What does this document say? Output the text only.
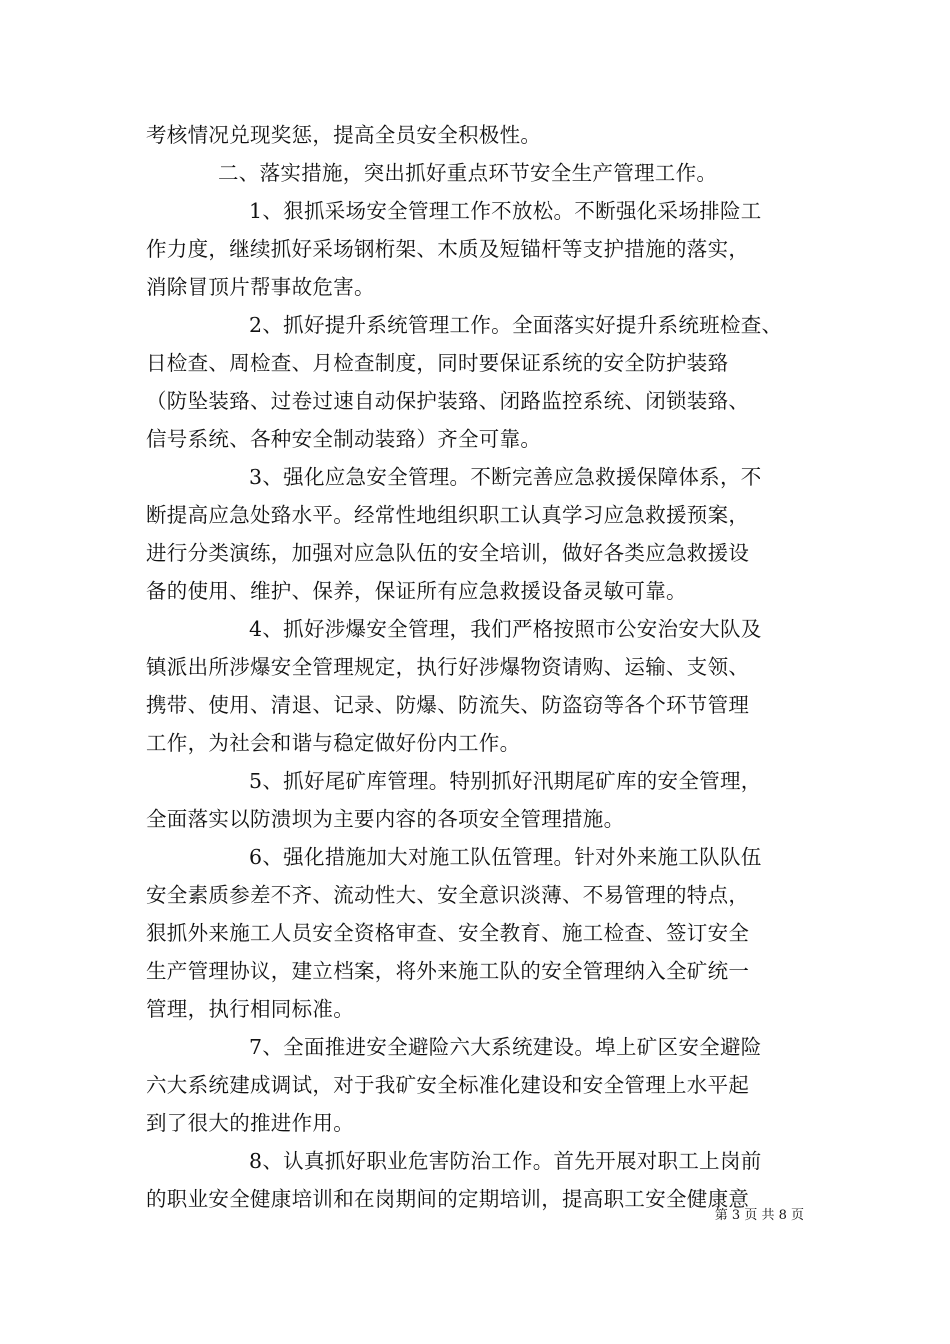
考核情况兑现奖惩，提高全员安全积极性。
二、落实措施，突出抓好重点环节安全生产管理工作。
1、狠抓采场安全管理工作不放松。不断强化采场排险工
作力度，继续抓好采场钢桁架、木质及短锚杆等支护措施的落实，
消除冒顶片帮事故危害。
2、抓好提升系统管理工作。全面落实好提升系统班检查、
日检查、周检查、月检查制度，同时要保证系统的安全防护装臵
（防坠装臵、过卷过速自动保护装臵、闭路监控系统、闭锁装臵、
信号系统、各种安全制动装臵）齐全可靠。
3、强化应急安全管理。不断完善应急救援保障体系，不
断提高应急处臵水平。经常性地组织职工认真学习应急救援预案，
进行分类演练，加强对应急队伍的安全培训，做好各类应急救援设
备的使用、维护、保养，保证所有应急救援设备灵敏可靠。
4、抓好涉爆安全管理，我们严格按照市公安治安大队及
镇派出所涉爆安全管理规定，执行好涉爆物资请购、运输、支领、
携带、使用、清退、记录、防爆、防流失、防盗窃等各个环节管理
工作，为社会和谐与稳定做好份内工作。
5、抓好尾矿库管理。特别抓好汛期尾矿库的安全管理，
全面落实以防溃坝为主要内容的各项安全管理措施。
6、强化措施加大对施工队伍管理。针对外来施工队队伍
安全素质参差不齐、流动性大、安全意识淡薄、不易管理的特点，
狠抓外来施工人员安全资格审查、安全教育、施工检查、签订安全
生产管理协议，建立档案，将外来施工队的安全管理纳入全矿统一
管理，执行相同标准。
7、全面推进安全避险六大系统建设。埠上矿区安全避险
六大系统建成调试，对于我矿安全标准化建设和安全管理上水平起
到了很大的推进作用。
8、认真抓好职业危害防治工作。首先开展对职工上岗前
的职业安全健康培训和在岗期间的定期培训，提高职工安全健康意
第 3 页 共 8 页
